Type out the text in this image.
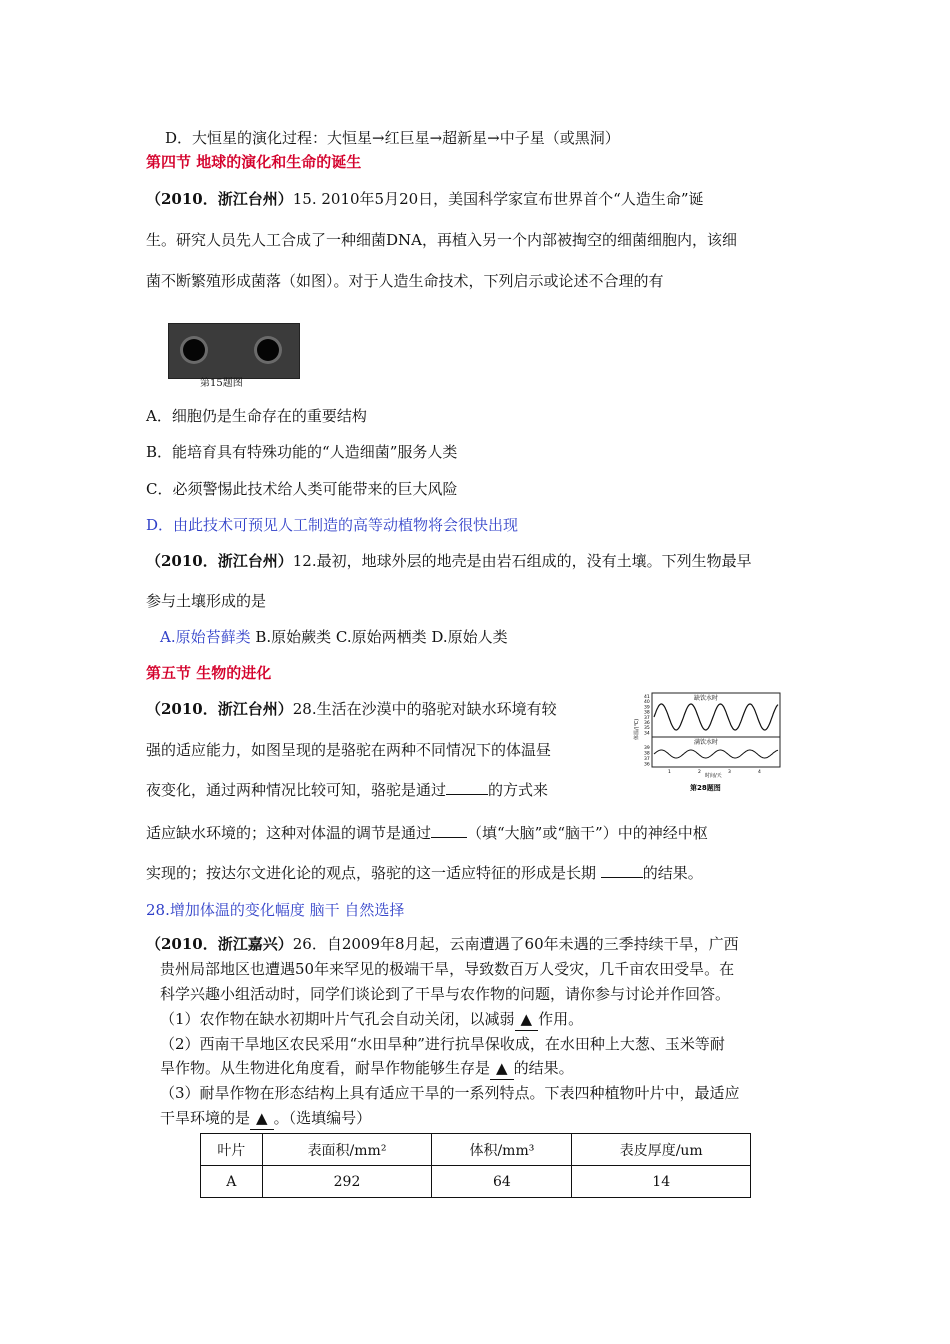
D．大恒星的演化过程：大恒星→红巨星→超新星→中子星（或黑洞）
第四节 地球的演化和生命的诞生
（2010．浙江台州）15. 2010年5月20日，美国科学家宣布世界首个“人造生命”诞
生。研究人员先人工合成了一种细菌DNA，再植入另一个内部被掏空的细菌细胞内，该细
菌不断繁殖形成菌落（如图）。对于人造生命技术，下列启示或论述不合理的有
第15题图
A．细胞仍是生命存在的重要结构
B．能培育具有特殊功能的“人造细菌”服务人类
C．必须警惕此技术给人类可能带来的巨大风险
D．由此技术可预见人工制造的高等动植物将会很快出现
（2010．浙江台州）12.最初，地球外层的地壳是由岩石组成的，没有土壤。下列生物最早
参与土壤形成的是
A.原始苔藓类 B.原始蕨类 C.原始两栖类 D.原始人类
第五节 生物的进化
（2010．浙江台州）28.生活在沙漠中的骆驼对缺水环境有较
强的适应能力，如图呈现的是骆驼在两种不同情况下的体温昼
夜变化，通过两种情况比较可知，骆驼是通过	的方式来
适应缺水环境的；这种对体温的调节是通过 （填“大脑”或“脑干”）中的神经中枢
实现的；按达尔文进化论的观点，骆驼的这一适应特征的形成是长期	的结果。
28.增加体温的变化幅度 脑干 自然选择
缺饮水时
满饮水时
体温/(℃)
时间/天
第28题图
41
40
39
38
37
36
35
34
39
38
37
36
1	2	3	4
（2010．浙江嘉兴）26．自2009年8月起，云南遭遇了60年未遇的三季持续干旱，广西
贵州局部地区也遭遇50年来罕见的极端干旱，导致数百万人受灾，几千亩农田受旱。在
科学兴趣小组活动时，同学们谈论到了干旱与农作物的问题，请你参与讨论并作回答。
（1）农作物在缺水初期叶片气孔会自动关闭，以减弱 ▲ 作用。
（2）西南干旱地区农民采用“水田旱种”进行抗旱保收成，在水田种上大葱、玉米等耐
旱作物。从生物进化角度看，耐旱作物能够生存是 ▲ 的结果。
（3）耐旱作物在形态结构上具有适应干旱的一系列特点。下表四种植物叶片中，最适应
干旱环境的是 ▲ 。（选填编号）
叶片	表面积/mm²	体积/mm³	表皮厚度/um
A	292	64	14
